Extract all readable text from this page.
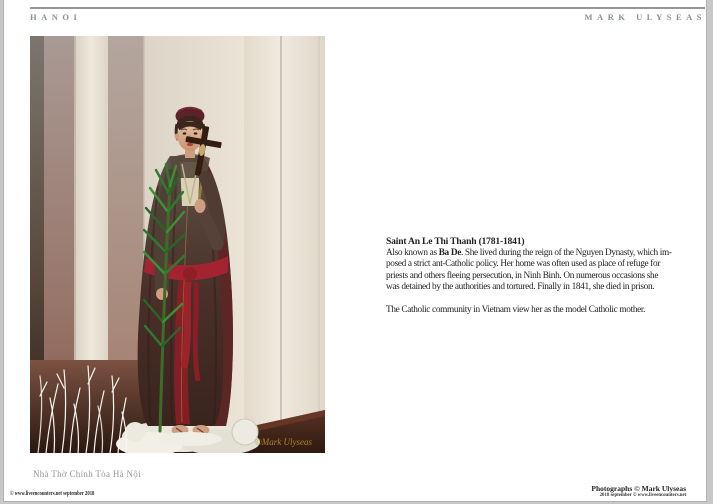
HANOI	MARK ULYSEAS
©Mark Ulyseas
Nhà Thờ Chính Tòa Hà Nội
Saint An Le Thi Thanh (1781-1841)
Also known as Ba De. She lived during the reign of the Nguyen Dynasty, which im-
posed a strict ant-Catholic policy. Her home was often used as place of refuge for
priests and others fleeing persecution, in Ninh Binh. On numerous occasions she
was detained by the authorities and tortured. Finally in 1841, she died in prison.
The Catholic community in Vietnam view her as the model Catholic mother.
© www.liveencounters.net september 2018
Photographs © Mark Ulyseas
2018 september © www.liveencounters.net
